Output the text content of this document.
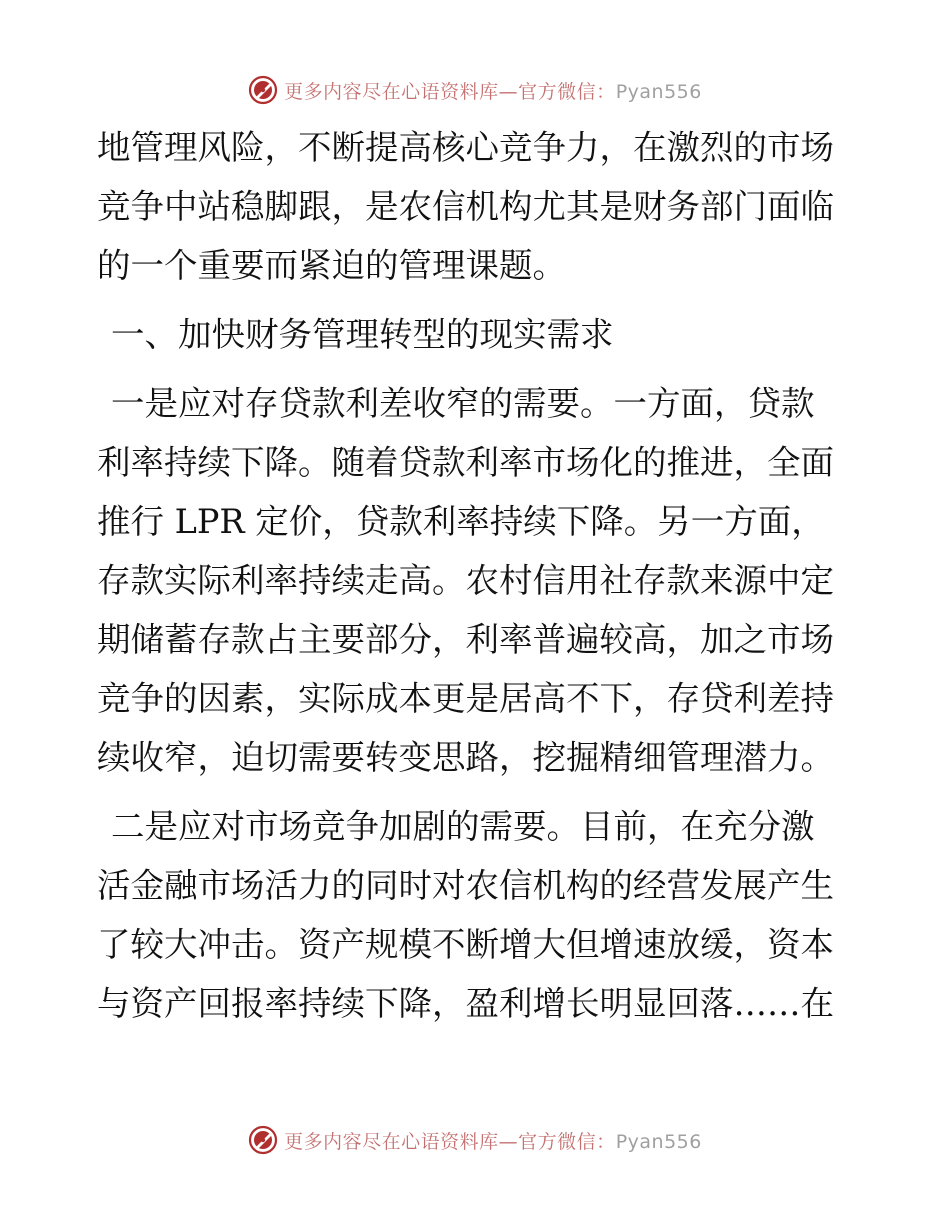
更多内容尽在心语资料库—官方微信：Pyan556

地管理风险，不断提高核心竞争力，在激烈的市场

竞争中站稳脚跟，是农信机构尤其是财务部门面临

的一个重要而紧迫的管理课题。

一、加快财务管理转型的现实需求

一是应对存贷款利差收窄的需要。一方面，贷款

利率持续下降。随着贷款利率市场化的推进，全面

推行 LPR 定价，贷款利率持续下降。另一方面，

存款实际利率持续走高。农村信用社存款来源中定

期储蓄存款占主要部分，利率普遍较高，加之市场

竞争的因素，实际成本更是居高不下，存贷利差持

续收窄，迫切需要转变思路，挖掘精细管理潜力。

二是应对市场竞争加剧的需要。目前，在充分激

活金融市场活力的同时对农信机构的经营发展产生

了较大冲击。资产规模不断增大但增速放缓，资本

与资产回报率持续下降，盈利增长明显回落……在

更多内容尽在心语资料库—官方微信：Pyan556
